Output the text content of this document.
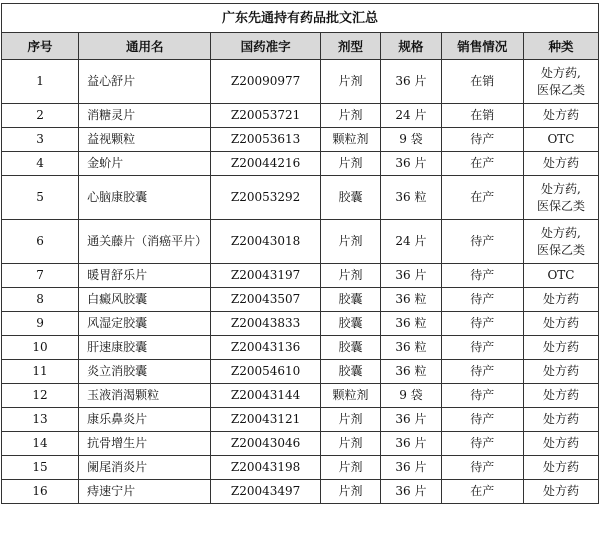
广东先通持有药品批文汇总						
序号	通用名	国药准字	剂型	规格	销售情况	种类
1	益心舒片	Z20090977	片剂	36 片	在销	处方药,
医保乙类

2	消糖灵片	Z20053721	片剂	24 片	在销	处方药

3	益视颗粒	Z20053613	颗粒剂	9 袋	待产	OTC

4	金蚧片	Z20044216	片剂	36 片	在产	处方药

5	心脑康胶囊	Z20053292	胶囊	36 粒	在产	处方药,
医保乙类

6	通关藤片（消癌平片）	Z20043018	片剂	24 片	待产	处方药,
医保乙类

7	暖胃舒乐片	Z20043197	片剂	36 片	待产	OTC

8	白癜风胶囊	Z20043507	胶囊	36 粒	待产	处方药

9	风湿定胶囊	Z20043833	胶囊	36 粒	待产	处方药

10	肝速康胶囊	Z20043136	胶囊	36 粒	待产	处方药

11	炎立消胶囊	Z20054610	胶囊	36 粒	待产	处方药

12	玉液消渴颗粒	Z20043144	颗粒剂	9 袋	待产	处方药

13	康乐鼻炎片	Z20043121	片剂	36 片	待产	处方药

14	抗骨增生片	Z20043046	片剂	36 片	待产	处方药

15	阑尾消炎片	Z20043198	片剂	36 片	待产	处方药

16	痔速宁片	Z20043497	片剂	36 片	在产	处方药
